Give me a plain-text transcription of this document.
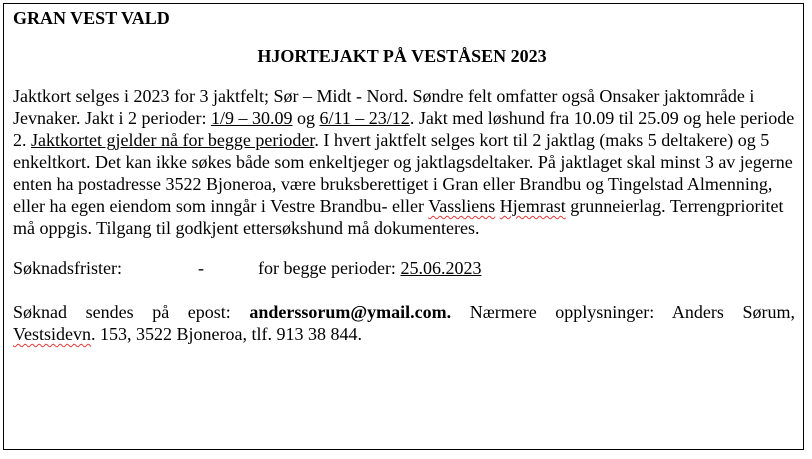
GRAN VEST VALD

HJORTEJAKT PÅ VESTÅSEN 2023

Jaktkort selges i 2023 for 3 jaktfelt; Sør – Midt - Nord. Søndre felt omfatter også Onsaker jaktområde i Jevnaker. Jakt i 2 perioder: 1/9 – 30.09 og 6/11 – 23/12. Jakt med løshund fra 10.09 til 25.09 og hele periode 2. Jaktkortet gjelder nå for begge perioder. I hvert jaktfelt selges kort til 2 jaktlag (maks 5 deltakere) og 5 enkeltkort. Det kan ikke søkes både som enkeltjeger og jaktlagsdeltaker. På jaktlaget skal minst 3 av jegerne enten ha postadresse 3522 Bjoneroa, være bruksberettiget i Gran eller Brandbu og Tingelstad Almenning, eller ha egen eiendom som inngår i Vestre Brandbu- eller Vassliens Hjemrast grunneierlag. Terrengprioritet må oppgis. Tilgang til godkjent ettersøkshund må dokumenteres.

Søknadsfrister:	-	for begge perioder: 25.06.2023

Søknad sendes på epost: anderssorum@ymail.com. Nærmere opplysninger: Anders Sørum,
Vestsidevn. 153, 3522 Bjoneroa, tlf. 913 38 844.
